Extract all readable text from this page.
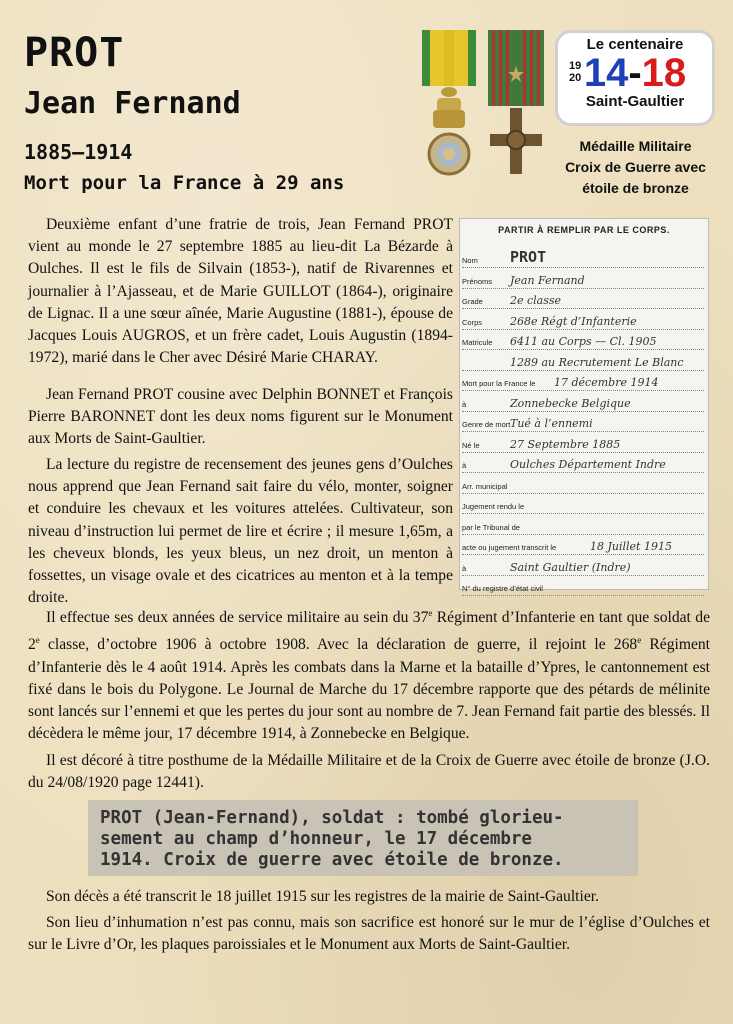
PROT
Jean Fernand
1885–1914
Mort pour la France à 29 ans
Le centenaire
19
20 14-18
Saint-Gaultier
Médaille Militaire
Croix de Guerre avec
étoile de bronze

Deuxième enfant d’une fratrie de trois, Jean Fernand PROT vient au monde le 27 septembre 1885 au lieu-dit La Bézarde à Oulches. Il est le fils de Silvain (1853-), natif de Rivarennes et journalier à l’Ajasseau, et de Marie GUILLOT (1864-), originaire de Lignac. Il a une sœur aînée, Marie Augustine (1881-), épouse de Jacques Louis AUGROS, et un frère cadet, Louis Augustin (1894-1972), marié dans le Cher avec Désiré Marie CHARAY.

Jean Fernand PROT cousine avec Delphin BONNET et François Pierre BARONNET dont les deux noms figurent sur le Monument aux Morts de Saint-Gaultier.

La lecture du registre de recensement des jeunes gens d’Oulches nous apprend que Jean Fernand sait faire du vélo, monter, soigner et conduire les chevaux et les voitures attelées. Cultivateur, son niveau d’instruction lui permet de lire et écrire ; il mesure 1,65m, a les cheveux blonds, les yeux bleus, un nez droit, un menton à fossettes, un visage ovale et des cicatrices au menton et à la tempe droite.

PARTIR À REMPLIR PAR LE CORPS.
Nom PROT
Prénoms Jean Fernand
Grade 2e classe
Corps	268e Régt d’Infanterie
Matricule 6411 au Corps — Cl. 1905
1289 au Recrutement Le Blanc
Mort pour la France le 17 décembre 1914
à	Zonnebecke Belgique
Genre de mort Tué à l’ennemi
Né le	27 Septembre 1885
à	Oulches Département Indre
Arr. municipal
Jugement rendu le
par le Tribunal de
acte ou jugement transcrit le	18 Juillet 1915
à	Saint Gaultier (Indre)
N° du registre d’état civil

Il effectue ses deux années de service militaire au sein du 37e Régiment d’Infanterie en tant que soldat de 2e classe, d’octobre 1906 à octobre 1908. Avec la déclaration de guerre, il rejoint le 268e Régiment d’Infanterie dès le 4 août 1914. Après les combats dans la Marne et la bataille d’Ypres, le cantonnement est fixé dans le bois du Polygone. Le Journal de Marche du 17 décembre rapporte que des pétards de mélinite sont lancés sur l’ennemi et que les pertes du jour sont au nombre de 7. Jean Fernand fait partie des blessés. Il décèdera le même jour, 17 décembre 1914, à Zonnebecke en Belgique.

Il est décoré à titre posthume de la Médaille Militaire et de la Croix de Guerre avec étoile de bronze (J.O. du 24/08/1920 page 12441).

PROT (Jean-Fernand), soldat : tombé glorieu-
sement au champ d’honneur, le 17 décembre
1914. Croix de guerre avec étoile de bronze.

Son décès a été transcrit le 18 juillet 1915 sur les registres de la mairie de Saint-Gaultier.

Son lieu d’inhumation n’est pas connu, mais son sacrifice est honoré sur le mur de l’église d’Oulches et sur le Livre d’Or, les plaques paroissiales et le Monument aux Morts de Saint-Gaultier.
